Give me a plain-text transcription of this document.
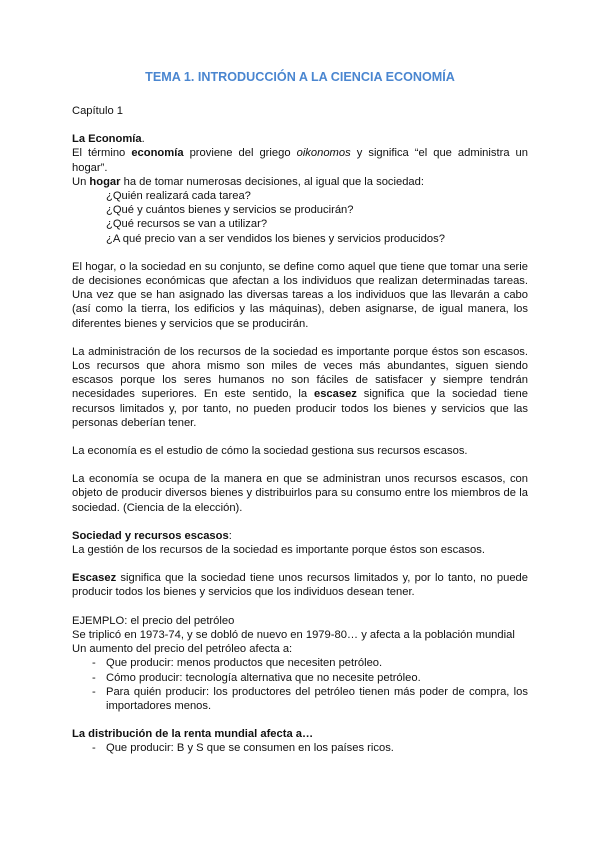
TEMA 1. INTRODUCCIÓN A LA CIENCIA ECONOMÍA

Capítulo 1

La Economía.

El término economía proviene del griego oikonomos y significa “el que administra un hogar”.

Un hogar ha de tomar numerosas decisiones, al igual que la sociedad:

¿Quién realizará cada tarea?

¿Qué y cuántos bienes y servicios se producirán?

¿Qué recursos se van a utilizar?

¿A qué precio van a ser vendidos los bienes y servicios producidos?

El hogar, o la sociedad en su conjunto, se define como aquel que tiene que tomar una serie de decisiones económicas que afectan a los individuos que realizan determinadas tareas. Una vez que se han asignado las diversas tareas a los individuos que las llevarán a cabo (así como la tierra, los edificios y las máquinas), deben asignarse, de igual manera, los diferentes bienes y servicios que se producirán.

La administración de los recursos de la sociedad es importante porque éstos son escasos. Los recursos que ahora mismo son miles de veces más abundantes, siguen siendo escasos porque los seres humanos no son fáciles de satisfacer y siempre tendrán necesidades superiores. En este sentido, la escasez significa que la sociedad tiene recursos limitados y, por tanto, no pueden producir todos los bienes y servicios que las personas deberían tener.

La economía es el estudio de cómo la sociedad gestiona sus recursos escasos.

La economía se ocupa de la manera en que se administran unos recursos escasos, con objeto de producir diversos bienes y distribuirlos para su consumo entre los miembros de la sociedad. (Ciencia de la elección).

Sociedad y recursos escasos:

La gestión de los recursos de la sociedad es importante porque éstos son escasos.

Escasez significa que la sociedad tiene unos recursos limitados y, por lo tanto, no puede producir todos los bienes y servicios que los individuos desean tener.

EJEMPLO: el precio del petróleo

Se triplicó en 1973-74, y se dobló de nuevo en 1979-80… y afecta a la población mundial

Un aumento del precio del petróleo afecta a:

- Que producir: menos productos que necesiten petróleo.
- Cómo producir: tecnología alternativa que no necesite petróleo.
- Para quién producir: los productores del petróleo tienen más poder de compra, los importadores menos.

La distribución de la renta mundial afecta a…

- Que producir: B y S que se consumen en los países ricos.
